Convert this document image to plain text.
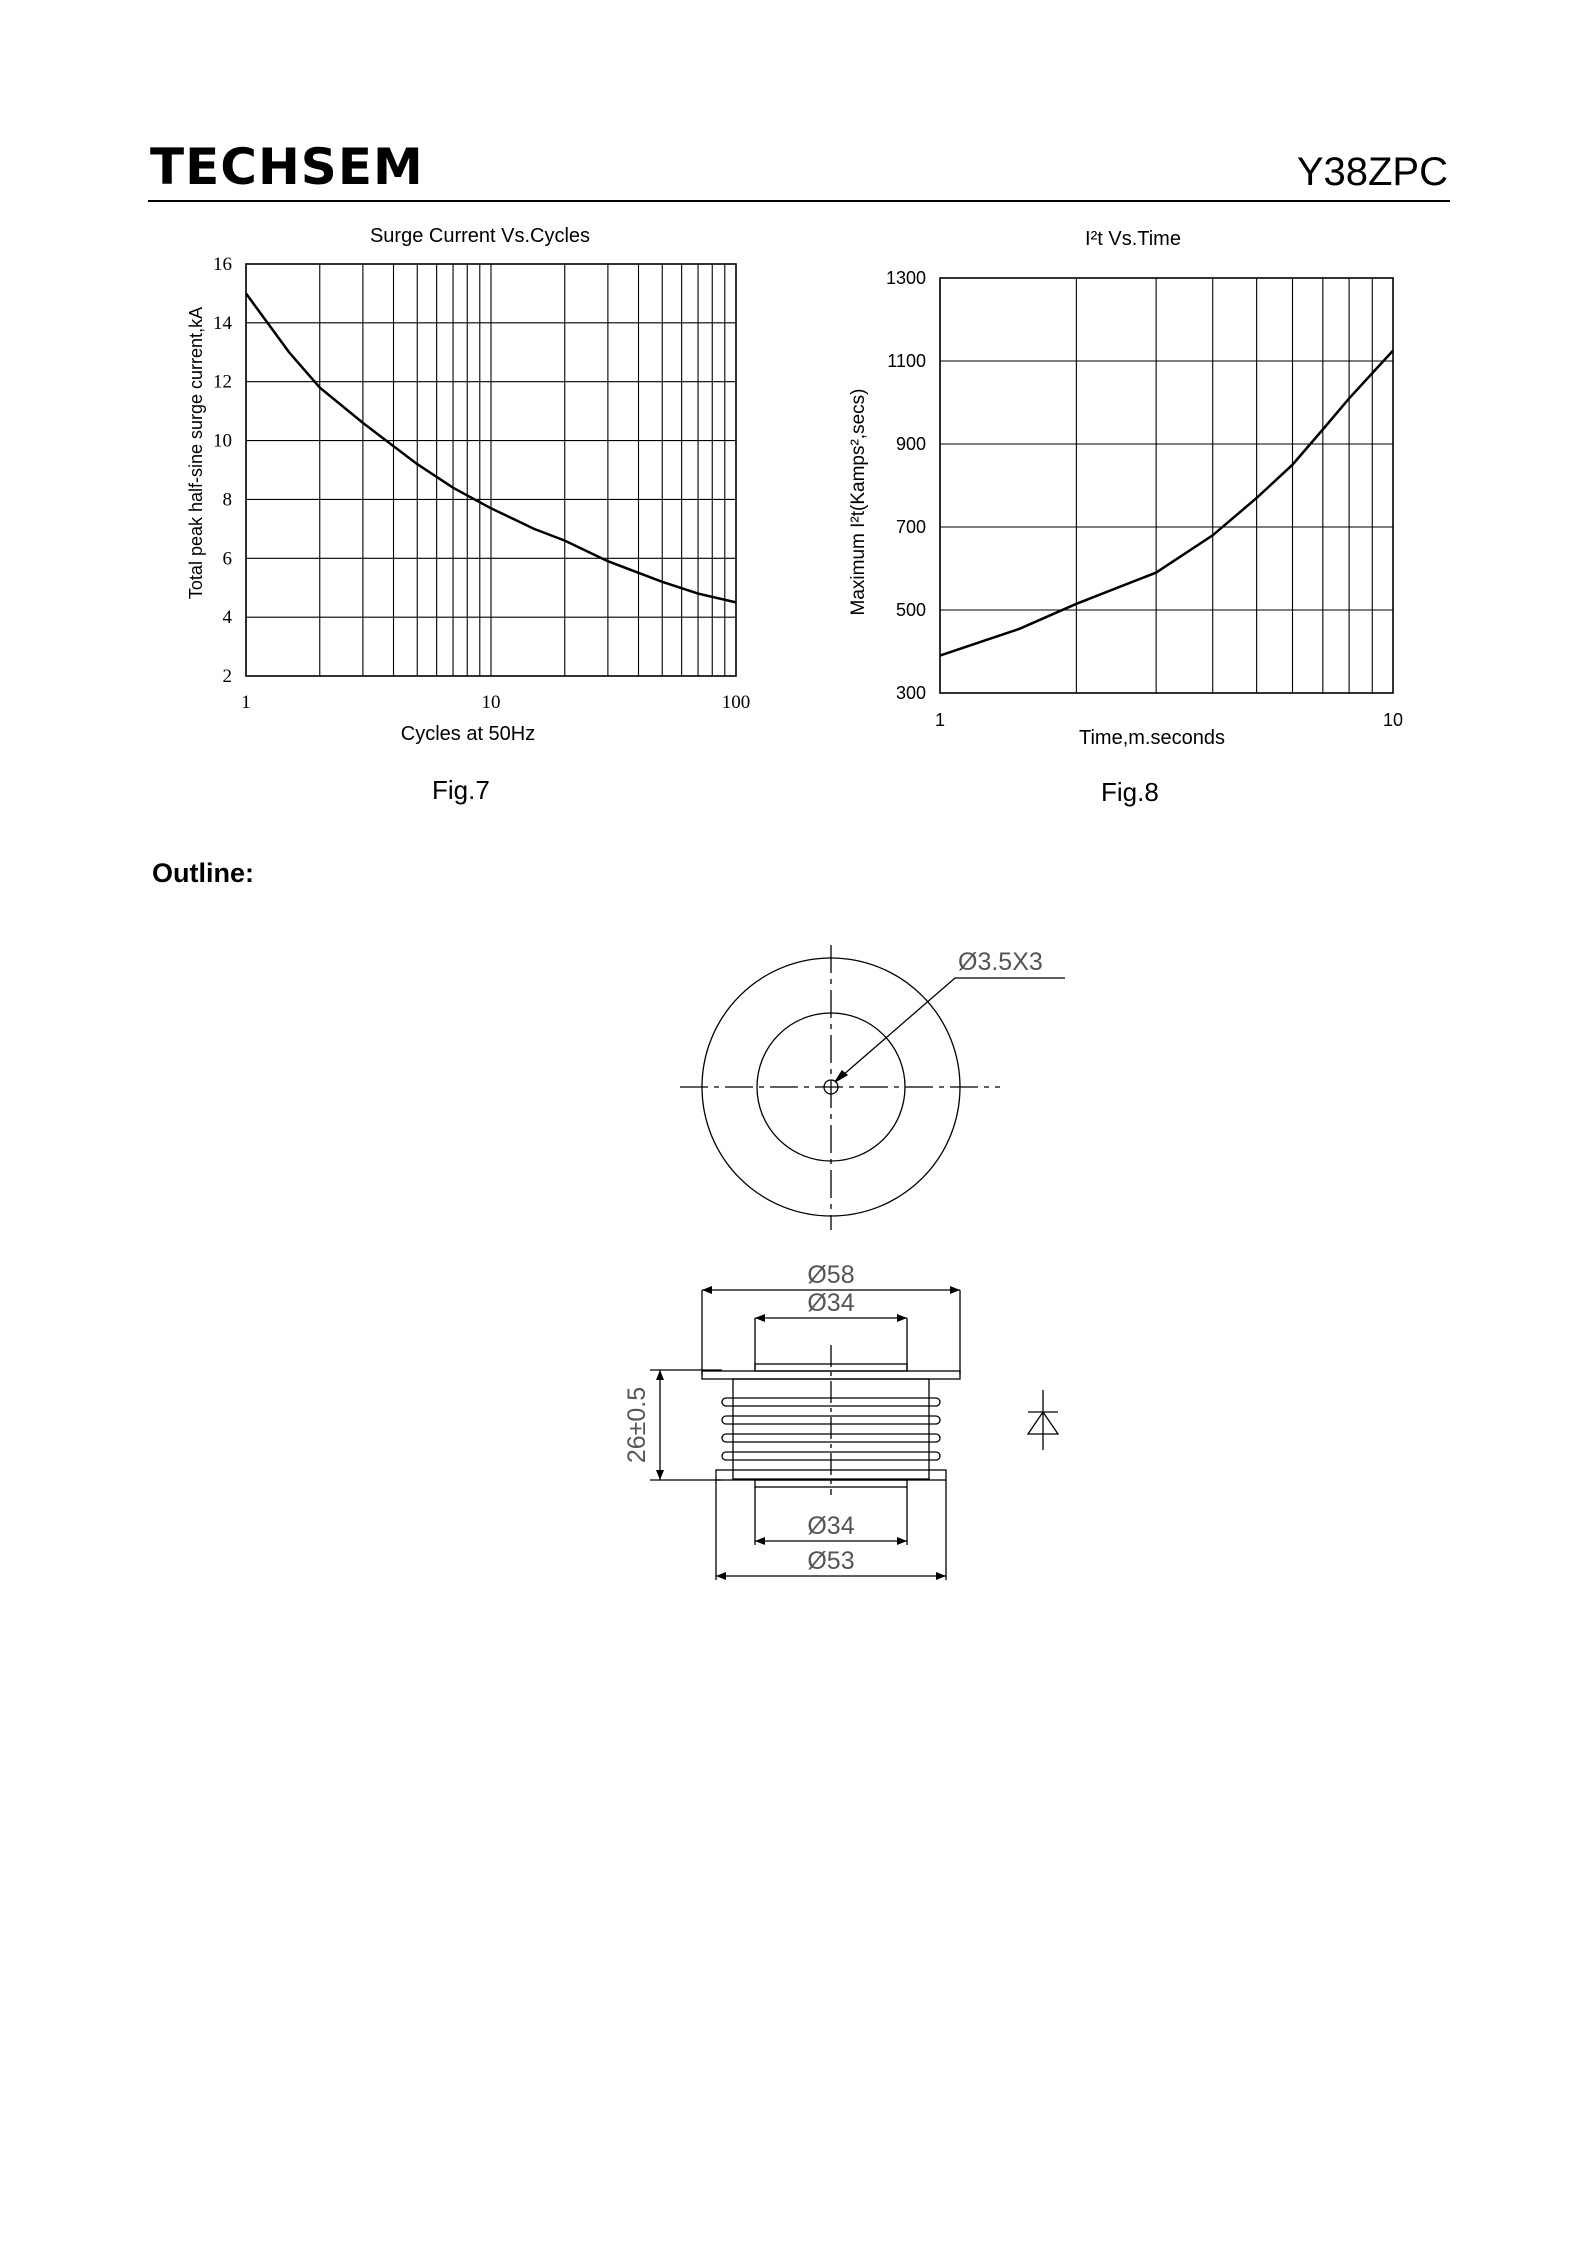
TECHSEM	Y38ZPC
Surge Current Vs.Cycles
2
4
6
8
10
12
14
16
1	10	100
Cycles at 50Hz
Total peak half-sine surge current,kA
I²t Vs.Time
300
500
700
900
1100
1300
1	10
Time,m.seconds
Maximum I²t(Kamps²,secs)
Fig.7	Fig.8
Outline:
Ø3.5X3
Ø58
Ø34
Ø34
Ø53
26±0.5
